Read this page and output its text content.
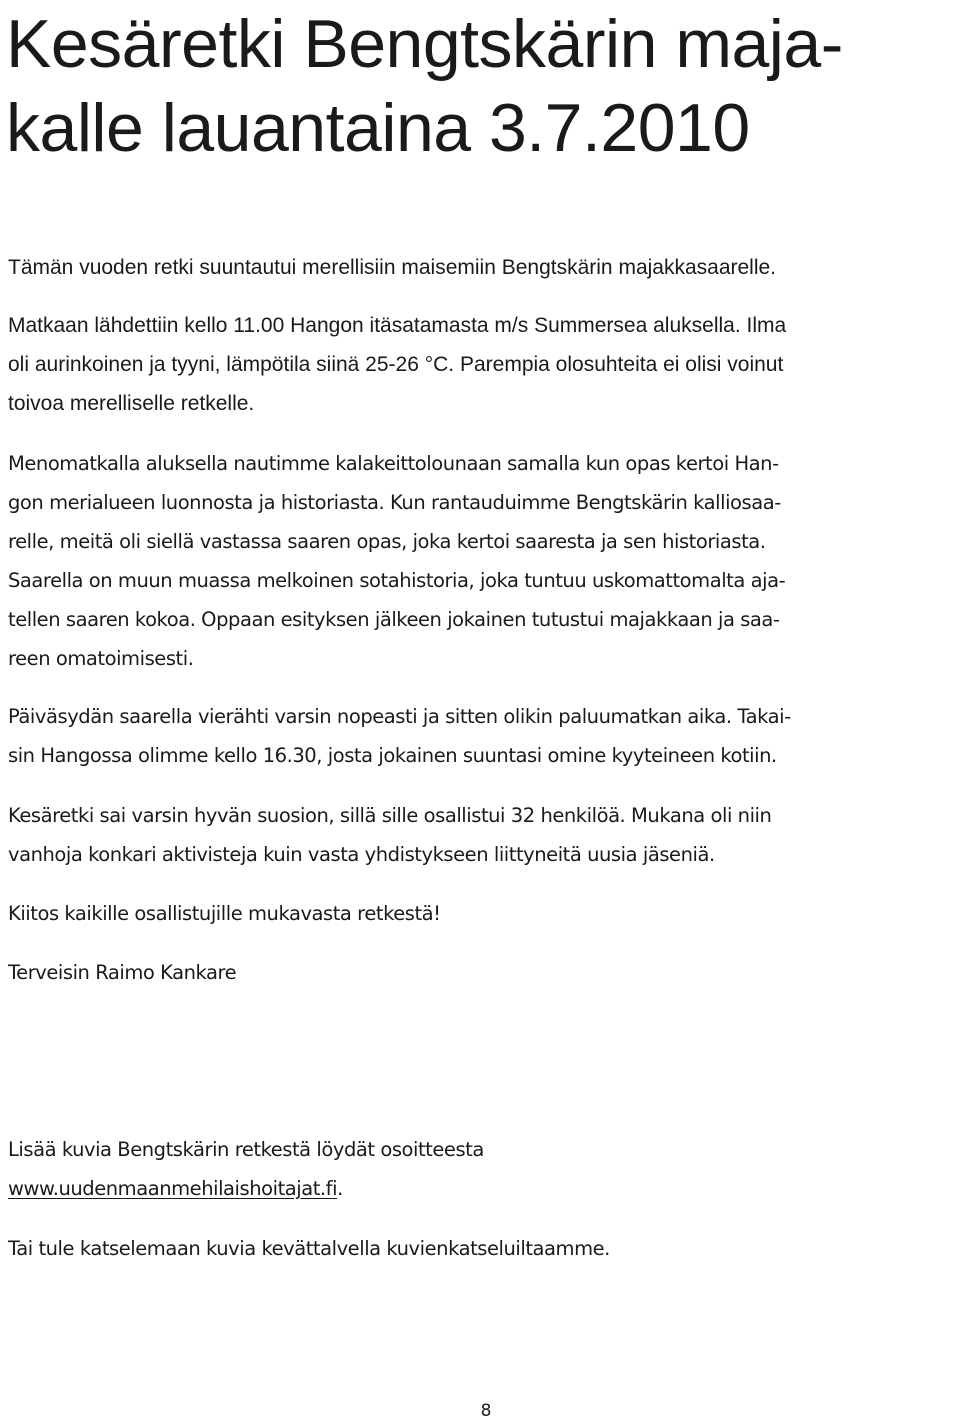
Kesäretki Bengtskärin maja-
kalle lauantaina 3.7.2010

Tämän vuoden retki suuntautui merellisiin maisemiin Bengtskärin majakkasaarelle.

Matkaan lähdettiin kello 11.00 Hangon itäsatamasta m/s Summersea aluksella. Ilma
oli aurinkoinen ja tyyni, lämpötila siinä 25-26 °C. Parempia olosuhteita ei olisi voinut
toivoa merelliselle retkelle.

Menomatkalla aluksella nautimme kalakeittolounaan samalla kun opas kertoi Han-
gon merialueen luonnosta ja historiasta. Kun rantauduimme Bengtskärin kalliosaa-
relle, meitä oli siellä vastassa saaren opas, joka kertoi saaresta ja sen historiasta.
Saarella on muun muassa melkoinen sotahistoria, joka tuntuu uskomattomalta aja-
tellen saaren kokoa. Oppaan esityksen jälkeen jokainen tutustui majakkaan ja saa-
reen omatoimisesti.

Päiväsydän saarella vierähti varsin nopeasti ja sitten olikin paluumatkan aika. Takai-
sin Hangossa olimme kello 16.30, josta jokainen suuntasi omine kyyteineen kotiin.

Kesäretki sai varsin hyvän suosion, sillä sille osallistui 32 henkilöä. Mukana oli niin
vanhoja konkari aktivisteja kuin vasta yhdistykseen liittyneitä uusia jäseniä.

Kiitos kaikille osallistujille mukavasta retkestä!

Terveisin Raimo Kankare

Lisää kuvia Bengtskärin retkestä löydät osoitteesta
www.uudenmaanmehilaishoitajat.fi.

Tai tule katselemaan kuvia kevättalvella kuvienkatseluiltaamme.

8
